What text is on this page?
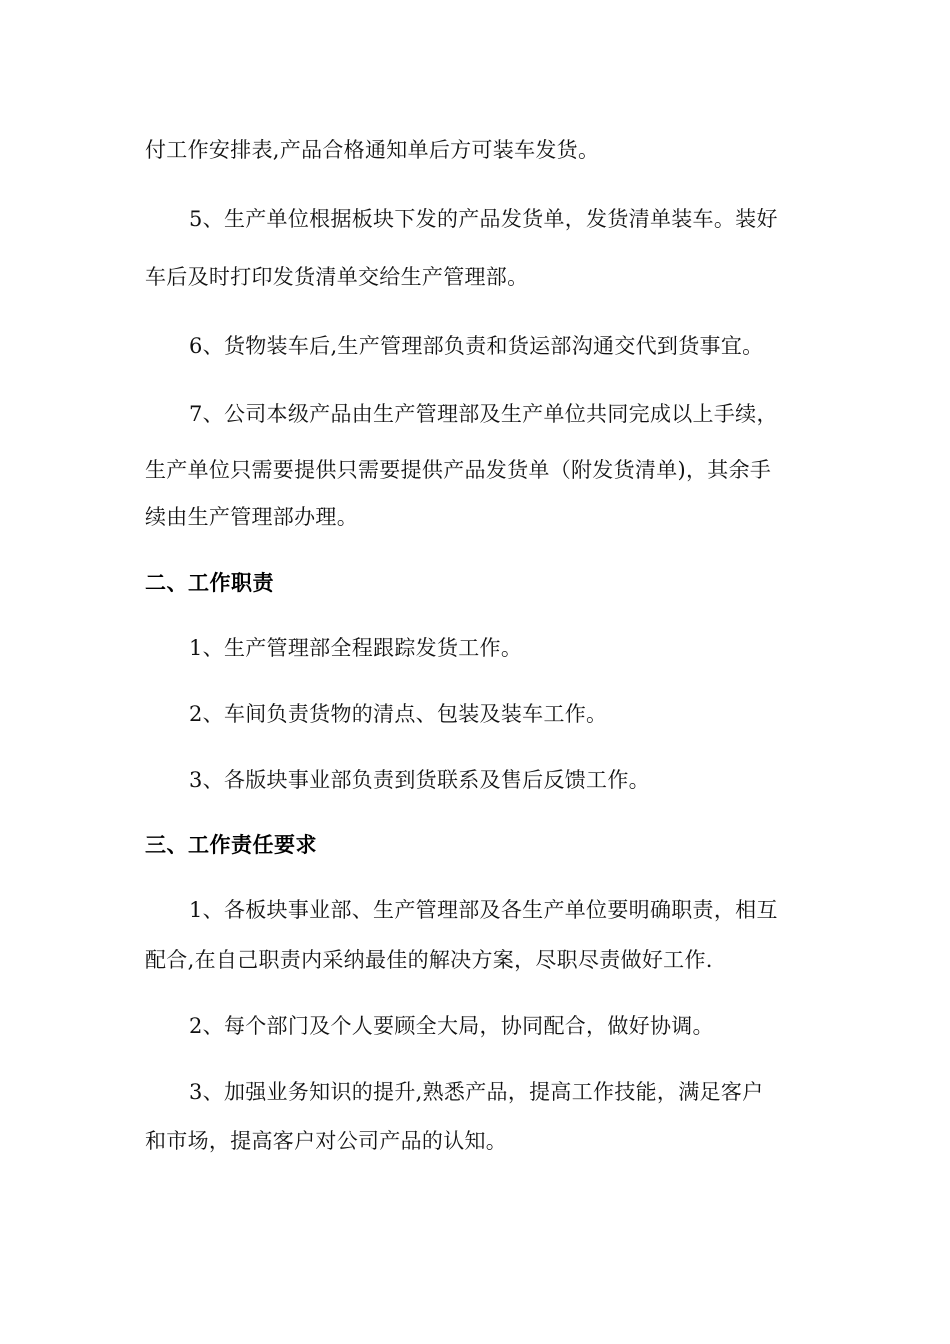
付工作安排表,产品合格通知单后方可装车发货。
5、生产单位根据板块下发的产品发货单，发货清单装车。装好
车后及时打印发货清单交给生产管理部。
6、货物装车后,生产管理部负责和货运部沟通交代到货事宜。
7、公司本级产品由生产管理部及生产单位共同完成以上手续，
生产单位只需要提供只需要提供产品发货单（附发货清单)，其余手
续由生产管理部办理。
二、工作职责
1、生产管理部全程跟踪发货工作。
2、车间负责货物的清点、包装及装车工作。
3、各版块事业部负责到货联系及售后反馈工作。
三、工作责任要求
1、各板块事业部、生产管理部及各生产单位要明确职责，相互
配合,在自己职责内采纳最佳的解决方案，尽职尽责做好工作.
2、每个部门及个人要顾全大局，协同配合，做好协调。
3、加强业务知识的提升,熟悉产品，提高工作技能，满足客户
和市场，提高客户对公司产品的认知。
